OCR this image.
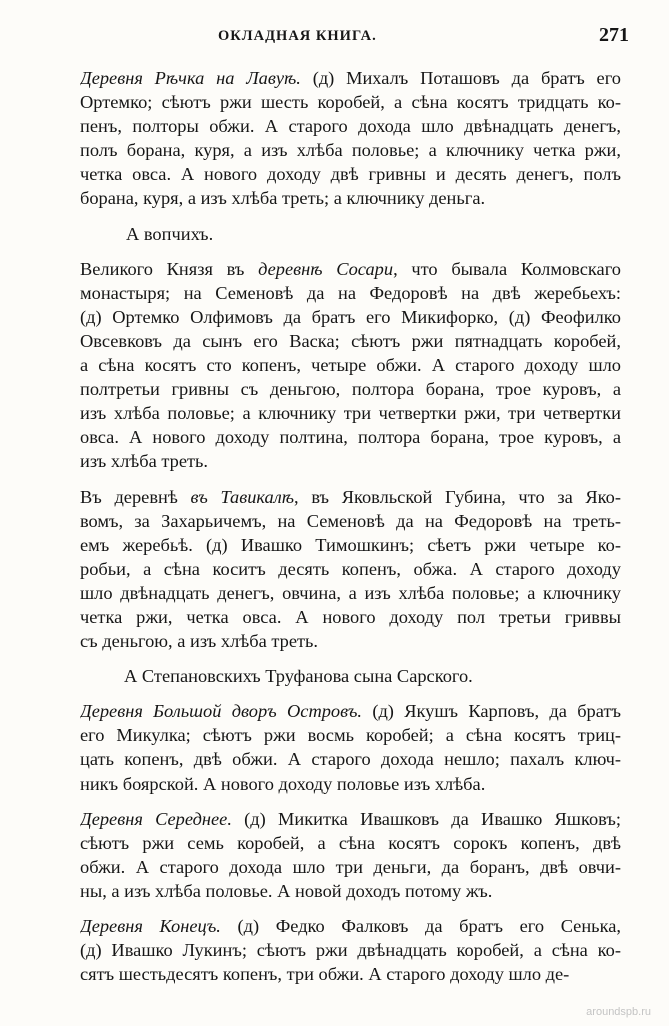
ОКЛАДНАЯ КНИГА.	271
Деревня Рѣчка на Лавуѣ. (д) Михалъ Поташовъ да братъ его
Ортемко; сѣютъ ржи шесть коробей, а сѣна косятъ тридцать ко-
пенъ, полторы обжи. А старого дохода шло двѣнадцать денегъ,
полъ борана, куря, а изъ хлѣба половье; а ключнику четка ржи,
четка овса. А нового доходу двѣ гривны и десять денегъ, полъ
борана, куря, а изъ хлѣба треть; а ключнику деньга.
А вопчихъ.
Великого Князя въ деревнѣ Сосари, что бывала Колмовскаго
монастыря; на Семеновѣ да на Федоровѣ на двѣ жеребьехъ:
(д) Ортемко Олфимовъ да братъ его Микифорко, (д) Феофилко
Овсевковъ да сынъ его Васка; сѣютъ ржи пятнадцать коробей,
а сѣна косятъ сто копенъ, четыре обжи. А старого доходу шло
полтретьи гривны съ деньгою, полтора борана, трое куровъ, а
изъ хлѣба половье; а ключнику три четвертки ржи, три четвертки
овса. А нового доходу полтина, полтора борана, трое куровъ, а
изъ хлѣба треть.
Въ деревнѣ въ Тавикалѣ, въ Яковльской Губина, что за Яко-
вомъ, за Захарьичемъ, на Семеновѣ да на Федоровѣ на треть-
емъ жеребьѣ. (д) Ивашко Тимошкинъ; сѣетъ ржи четыре ко-
робьи, а сѣна коситъ десять копенъ, обжа. А старого доходу
шло двѣнадцать денегъ, овчина, а изъ хлѣба половье; а ключнику
четка ржи, четка овса. А нового доходу пол третьи гриввы
съ деньгою, а изъ хлѣба треть.
А Степановскихъ Труфанова сына Сарского.
Деревня Большой дворъ Островъ. (д) Якушъ Карповъ, да братъ
его Микулка; сѣютъ ржи восмь коробей; а сѣна косятъ триц-
цать копенъ, двѣ обжи. А старого дохода нешло; пахалъ ключ-
никъ боярской. А нового доходу половье изъ хлѣба.
Деревня Середнее. (д) Микитка Ивашковъ да Ивашко Яшковъ;
сѣютъ ржи семь коробей, а сѣна косятъ сорокъ копенъ, двѣ
обжи. А старого дохода шло три деньги, да боранъ, двѣ овчи-
ны, а изъ хлѣба половье. А новой доходъ потому жъ.
Деревня Конецъ. (д) Федко Фалковъ да братъ его Сенька,
(д) Ивашко Лукинъ; сѣютъ ржи двѣнадцать коробей, а сѣна ко-
сятъ шестьдесятъ копенъ, три обжи. А старого доходу шло де-
aroundspb.ru
